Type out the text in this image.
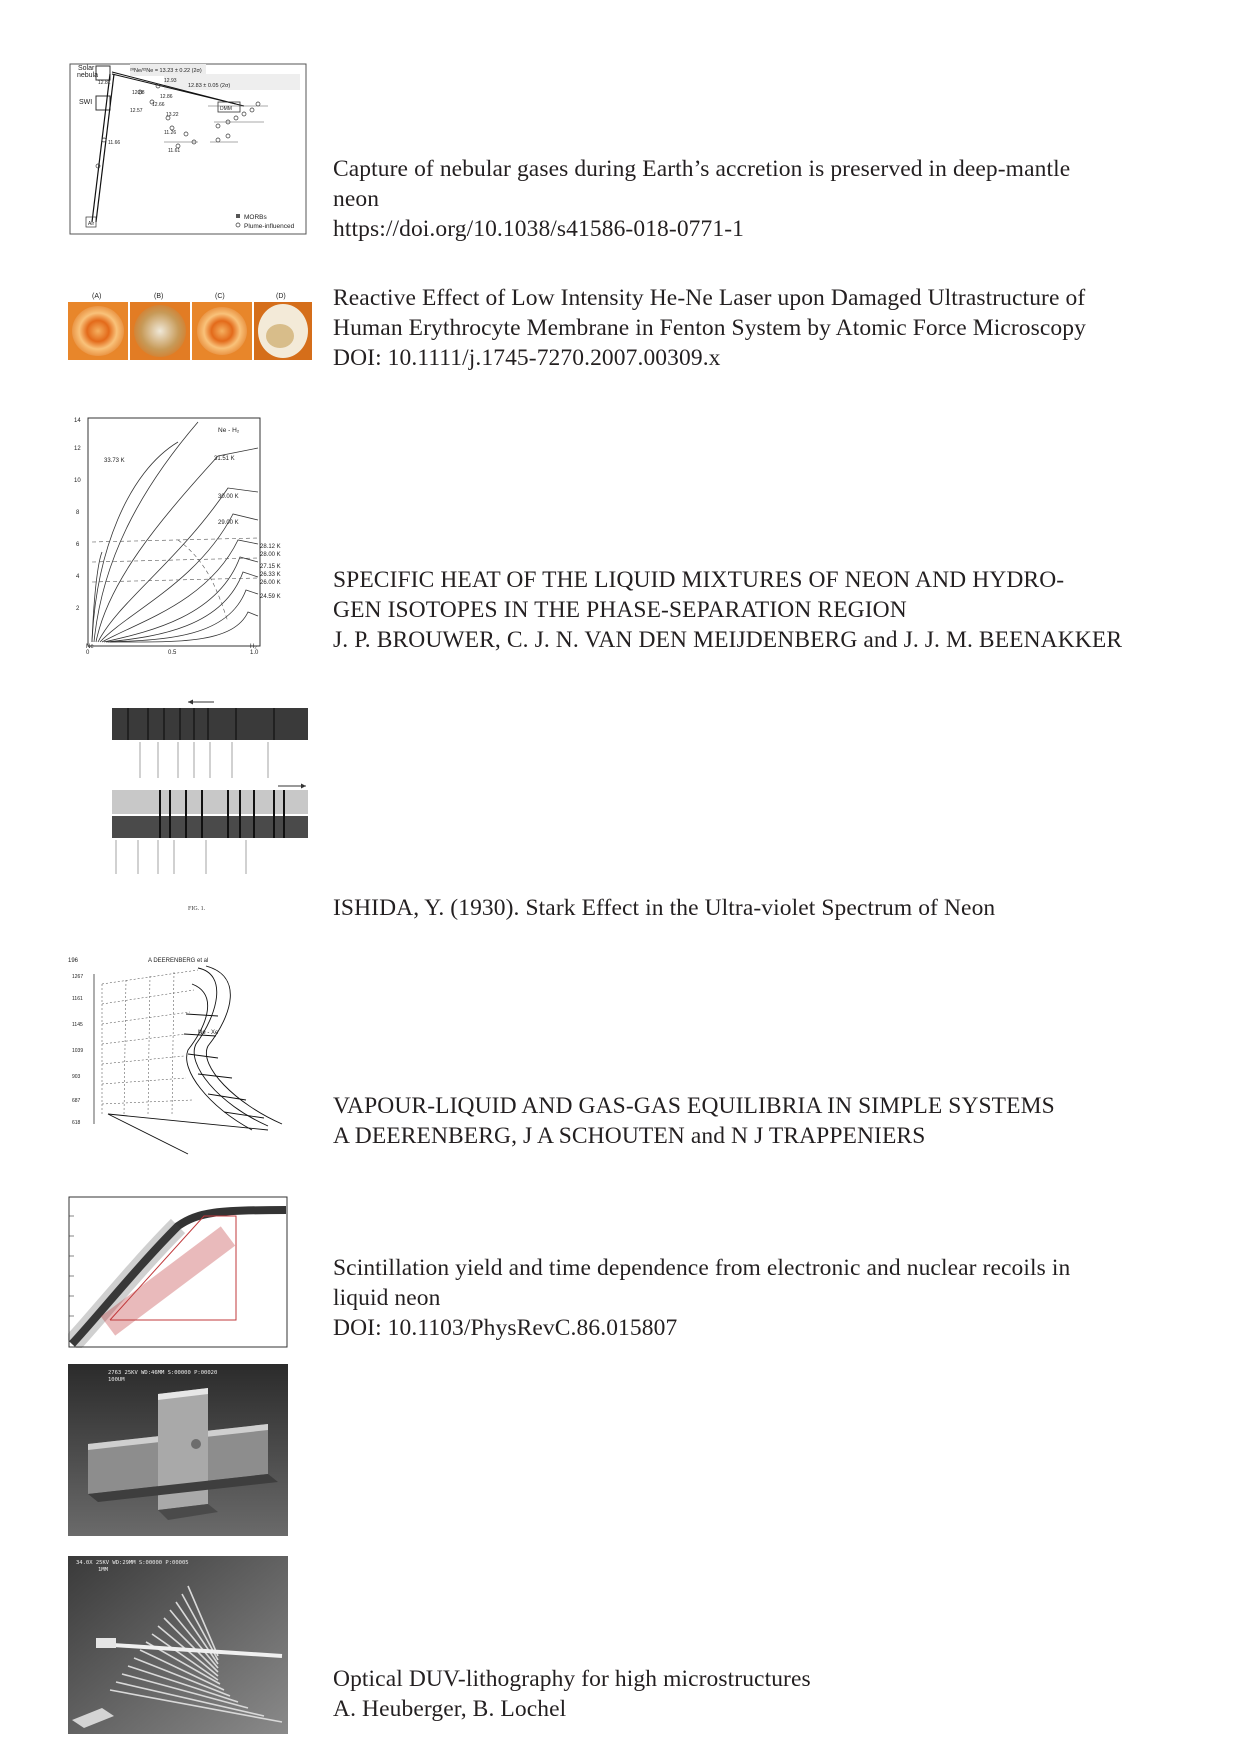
Solar
nebula
SWI
²⁰Ne/²²Ne = 13.23 ± 0.22 (2σ)
12.83 ± 0.05 (2σ)
DMM
12.81	12.93
12.88
12.57
13.22
11.66
11.61
11.26
12.86
12.66
Air
MORBs
Plume-influenced
Capture of nebular gases during Earth’s accretion is preserved in deep-mantle
neon
https://doi.org/10.1038/s41586-018-0771-1
(A)	(B)	(C)	(D) Reactive Effect of Low Intensity He-Ne Laser upon Damaged Ultrastructure of
Human Erythrocyte Membrane in Fenton System by Atomic Force Microscopy
DOI: 10.1111/j.1745-7270.2007.00309.x
Ne - H₂
14
12
10
8
6
4
2
0	0.5	1.0
Ne	H₂
33.73 K	31.51 K
30.00 K
29.00 K
28.12 K
28.00 K
27.15 K
26.33 K
26.00 K
24.59 K
SPECIFIC HEAT OF THE LIQUID MIXTURES OF NEON AND HYDRO-
GEN ISOTOPES IN THE PHASE-SEPARATION REGION
J. P. BROUWER, C. J. N. VAN DEN MEIJDENBERG and J. J. M. BEENAKKER
FIG. 1.	ISHIDA, Y. (1930). Stark Effect in the Ultra-violet Spectrum of Neon
196	A DEERENBERG et al
Ne - Xe
1267
1161
1145
1039
903
687
618
VAPOUR-LIQUID AND GAS-GAS EQUILIBRIA IN SIMPLE SYSTEMS
A DEERENBERG, J A SCHOUTEN and N J TRAPPENIERS
Scintillation yield and time dependence from electronic and nuclear recoils in
liquid neon
DOI: 10.1103/PhysRevC.86.015807
2763 25KV WD:46MM S:00000 P:00020
100UM
34.0X 25KV WD:29MM S:00000 P:00005
1MM
Optical DUV-lithography for high microstructures
A. Heuberger, B. Lochel
